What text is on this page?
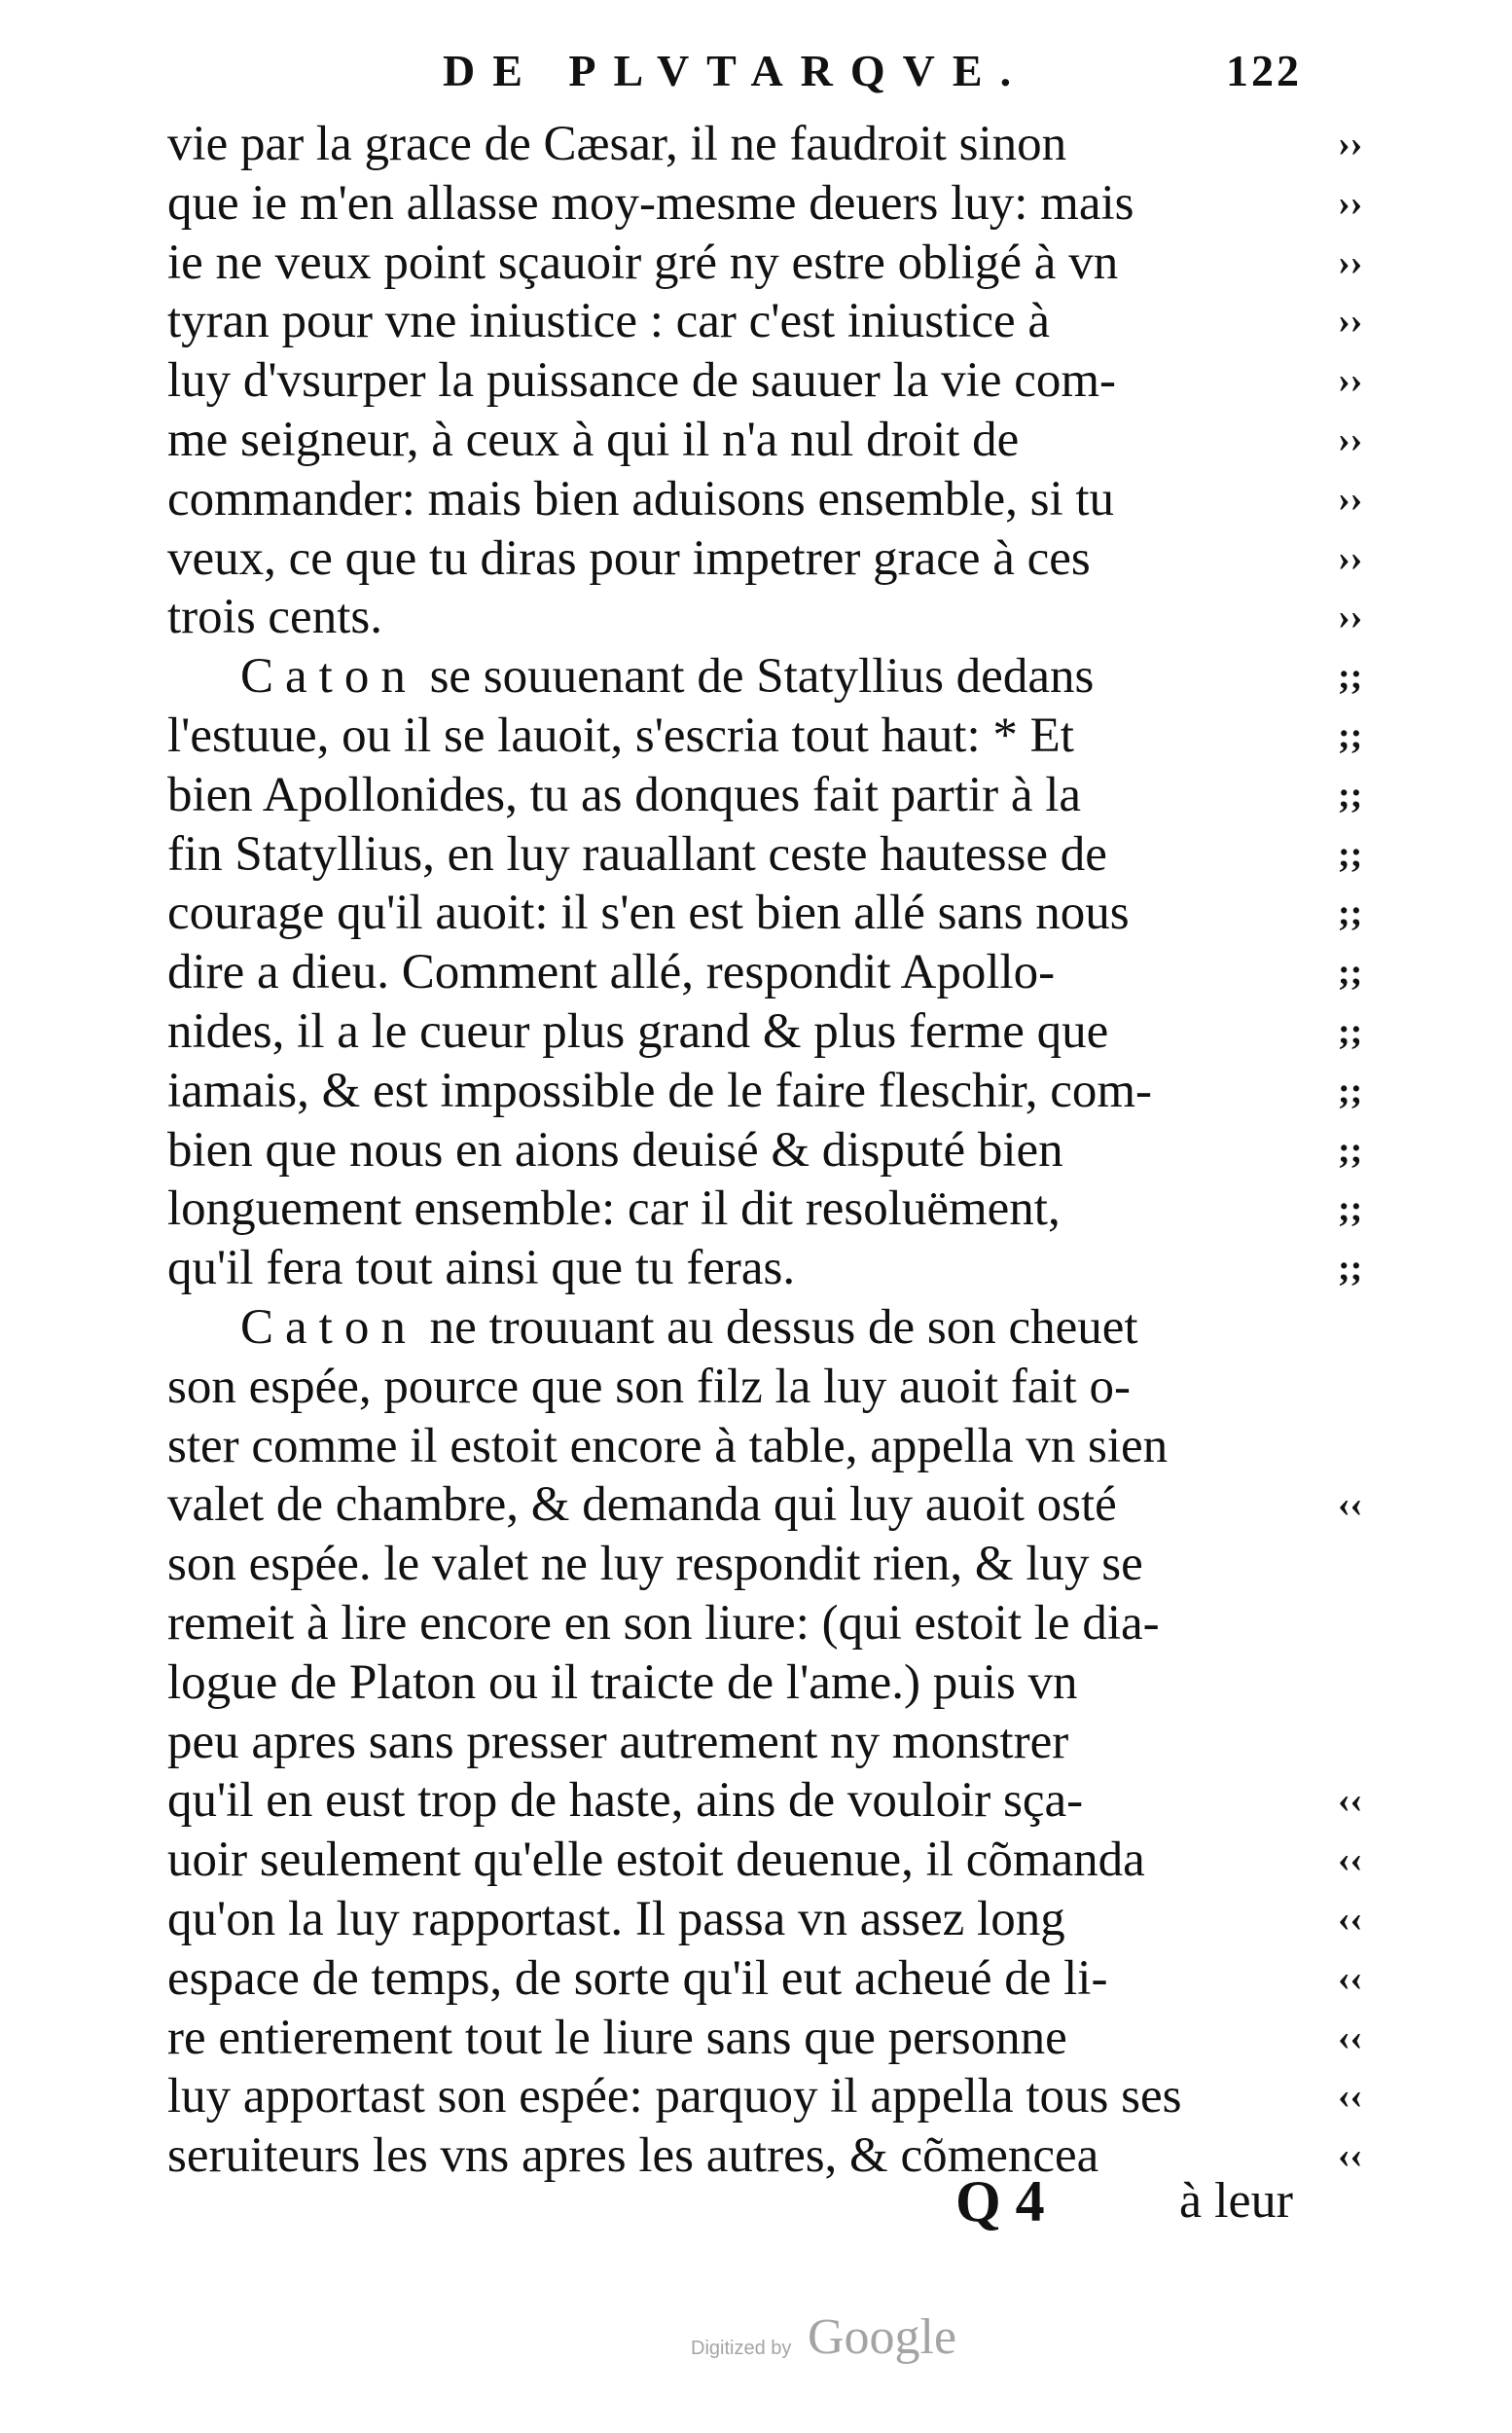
DE PLVTARQVE.	122
vie par la grace de Cæsar, il ne faudroit sinon
que ie m'en allasse moy-mesme deuers luy: mais
ie ne veux point sçauoir gré ny estre obligé à vn
tyran pour vne iniustice : car c'est iniustice à
luy d'vsurper la puissance de sauuer la vie com-
me seigneur, à ceux à qui il n'a nul droit de
commander: mais bien aduisons ensemble, si tu
veux, ce que tu diras pour impetrer grace à ces
trois cents.
Caton se souuenant de Statyllius dedans
l'estuue, ou il se lauoit, s'escria tout haut: * Et
bien Apollonides, tu as donques fait partir à la
fin Statyllius, en luy rauallant ceste hautesse de
courage qu'il auoit: il s'en est bien allé sans nous
dire a dieu. Comment allé, respondit Apollo-
nides, il a le cueur plus grand & plus ferme que
iamais, & est impossible de le faire fleschir, com-
bien que nous en aions deuisé & disputé bien
longuement ensemble: car il dit resoluëment,
qu'il fera tout ainsi que tu feras.
Caton ne trouuant au dessus de son cheuet
son espée, pource que son filz la luy auoit fait o-
ster comme il estoit encore à table, appella vn sien
valet de chambre, & demanda qui luy auoit osté
son espée. le valet ne luy respondit rien, & luy se
remeit à lire encore en son liure: (qui estoit le dia-
logue de Platon ou il traicte de l'ame.) puis vn
peu apres sans presser autrement ny monstrer
qu'il en eust trop de haste, ains de vouloir sça-
uoir seulement qu'elle estoit deuenue, il cõmanda
qu'on la luy rapportast. Il passa vn assez long
espace de temps, de sorte qu'il eut acheué de li-
re entierement tout le liure sans que personne
luy apportast son espée: parquoy il appella tous ses
seruiteurs les vns apres les autres, & cõmencea
››
››
››
››
››
››
››
››
››
;;
;;
;;
;;
;;
;;
;;
;;
;;
;;
;;
‹‹
‹‹
‹‹
‹‹
‹‹
‹‹
‹‹
‹‹
Q 4	à leur
Digitized by Google
